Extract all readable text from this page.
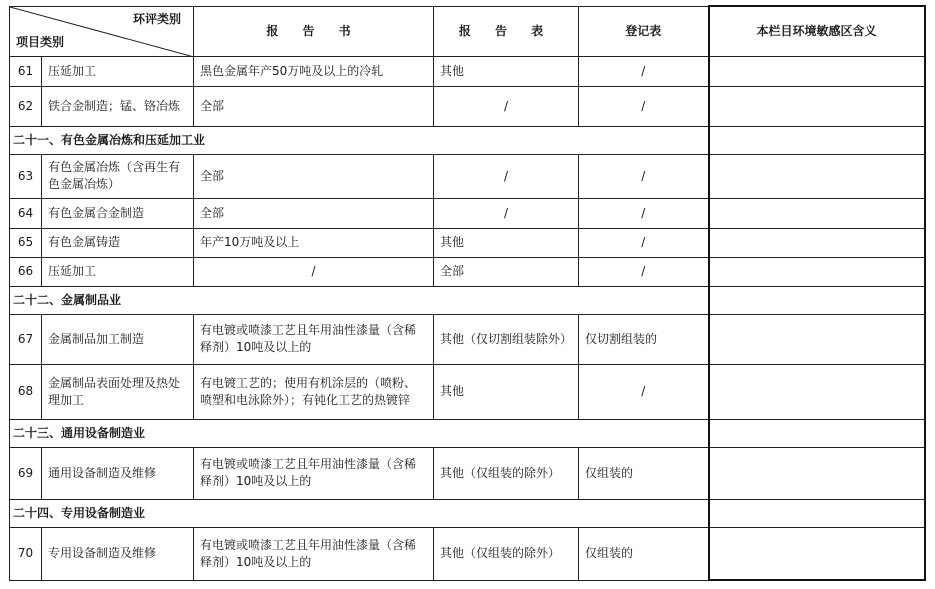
环评类别
项目类别		报 告 书	报 告 表	登记表	本栏目环境敏感区含义
61	压延加工	黑色金属年产50万吨及以上的冷轧	其他	/	
62	铁合金制造；锰、铬冶炼	全部	/	/	
二十一、有色金属冶炼和压延加工业					
63	有色金属冶炼（含再生有色金属冶炼）	全部	/	/	
64	有色金属合金制造	全部	/	/	
65	有色金属铸造	年产10万吨及以上	其他	/	
66	压延加工	/	全部	/	
二十二、金属制品业					
67	金属制品加工制造	有电镀或喷漆工艺且年用油性漆量（含稀释剂）10吨及以上的	其他（仅切割组装除外）	仅切割组装的	
68	金属制品表面处理及热处理加工	有电镀工艺的；使用有机涂层的（喷粉、喷塑和电泳除外）；有钝化工艺的热镀锌	其他	/	
二十三、通用设备制造业					
69	通用设备制造及维修	有电镀或喷漆工艺且年用油性漆量（含稀释剂）10吨及以上的	其他（仅组装的除外）	仅组装的	
二十四、专用设备制造业					
70	专用设备制造及维修	有电镀或喷漆工艺且年用油性漆量（含稀释剂）10吨及以上的	其他（仅组装的除外）	仅组装的	
